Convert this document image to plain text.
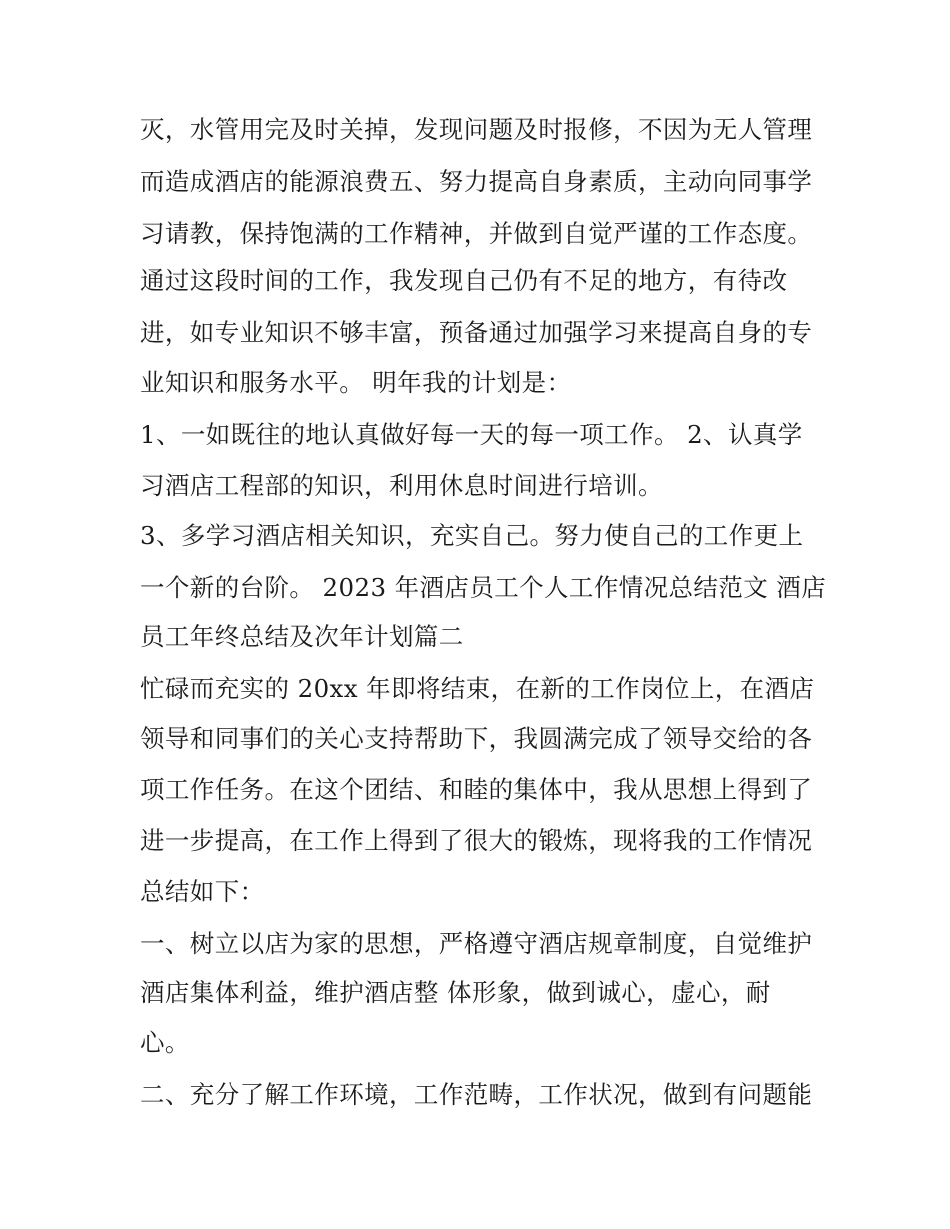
灭，水管用完及时关掉，发现问题及时报修，不因为无人管理

而造成酒店的能源浪费五、努力提高自身素质，主动向同事学

习请教，保持饱满的工作精神，并做到自觉严谨的工作态度。

通过这段时间的工作，我发现自己仍有不足的地方，有待改

进，如专业知识不够丰富，预备通过加强学习来提高自身的专

业知识和服务水平。 明年我的计划是：

1、一如既往的地认真做好每一天的每一项工作。 2、认真学

习酒店工程部的知识，利用休息时间进行培训。

3、多学习酒店相关知识，充实自己。努力使自己的工作更上

一个新的台阶。 2023 年酒店员工个人工作情况总结范文 酒店

员工年终总结及次年计划篇二

忙碌而充实的 20xx 年即将结束，在新的工作岗位上，在酒店

领导和同事们的关心支持帮助下，我圆满完成了领导交给的各

项工作任务。在这个团结、和睦的集体中，我从思想上得到了

进一步提高，在工作上得到了很大的锻炼，现将我的工作情况

总结如下：

一、树立以店为家的思想，严格遵守酒店规章制度，自觉维护

酒店集体利益，维护酒店整 体形象，做到诚心，虚心，耐

心。

二、充分了解工作环境，工作范畴，工作状况，做到有问题能
